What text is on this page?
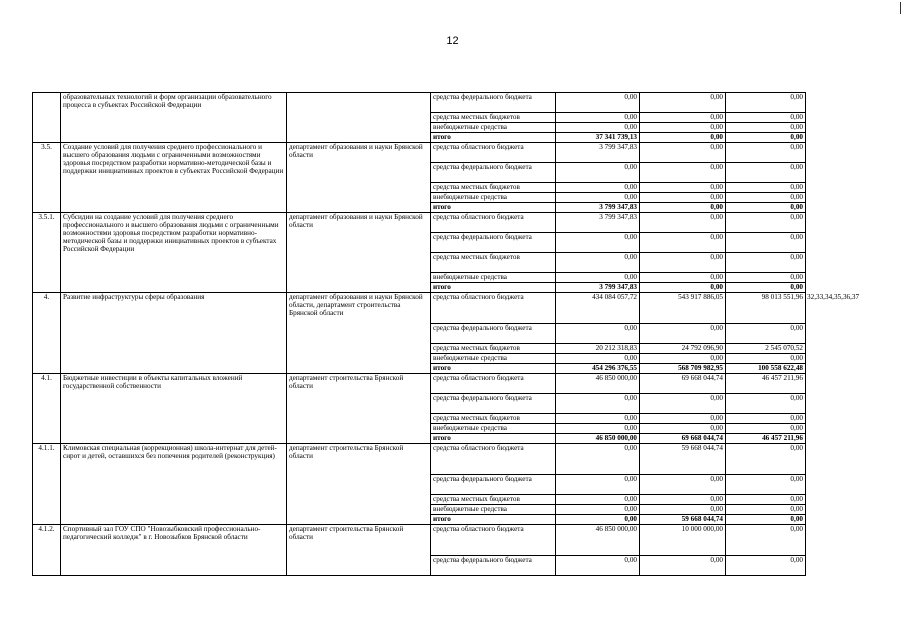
12
	образовательных технологий и форм организации образовательного процесса в субъектах Российской Федерации		средства федерального бюджета	0,00	0,00	0,00	
			средства местных бюджетов	0,00	0,00	0,00	
			внебюджетные средства	0,00	0,00	0,00	
			итого	37 341 739,13	0,00	0,00	
3.5.	Создание условий для получения среднего профессионального и высшего образования людьми с ограниченными возможностями здоровья посредством разработки нормативно-методической базы и поддержки инициативных проектов в субъектах Российской Федерации	департамент образования и науки Брянской области	средства областного бюджета	3 799 347,83	0,00	0,00	
			средства федерального бюджета	0,00	0,00	0,00	
			средства местных бюджетов	0,00	0,00	0,00	
			внебюджетные средства	0,00	0,00	0,00	
			итого	3 799 347,83	0,00	0,00	
3.5.1.	Субсидии на создание условий для получения среднего профессионального и высшего образования людьми с ограниченными возможностями здоровья посредством разработки нормативно-методической базы и поддержки инициативных проектов в субъектах Российской Федерации	департамент образования и науки Брянской области	средства областного бюджета	3 799 347,83	0,00	0,00	
			средства федерального бюджета	0,00	0,00	0,00	
			средства местных бюджетов	0,00	0,00	0,00	
			внебюджетные средства	0,00	0,00	0,00	
			итого	3 799 347,83	0,00	0,00	
4.	Развитие инфраструктуры сферы образования	департамент образования и науки Брянской области, департамент строительства Брянской области	средства областного бюджета	434 084 057,72	543 917 886,05	98 013 551,96	32,33,34,35,36,37
			средства федерального бюджета	0,00	0,00	0,00	
			средства местных бюджетов	20 212 318,83	24 792 096,90	2 545 070,52	
			внебюджетные средства	0,00	0,00	0,00	
			итого	454 296 376,55	568 709 982,95	100 558 622,48	
4.1.	Бюджетные инвестиции в объекты капитальных вложений государственной собственности	департамент строительства Брянской области	средства областного бюджета	46 850 000,00	69 668 044,74	46 457 211,96	
			средства федерального бюджета	0,00	0,00	0,00	
			средства местных бюджетов	0,00	0,00	0,00	
			внебюджетные средства	0,00	0,00	0,00	
			итого	46 850 000,00	69 668 044,74	46 457 211,96	
4.1.1.	Климовская специальная (коррекционная) школа-интернат для детей-сирот и детей, оставшихся без попечения родителей (реконструкция)	департамент строительства Брянской области	средства областного бюджета	0,00	59 668 044,74	0,00	
			средства федерального бюджета	0,00	0,00	0,00	
			средства местных бюджетов	0,00	0,00	0,00	
			внебюджетные средства	0,00	0,00	0,00	
			итого	0,00	59 668 044,74	0,00	
4.1.2.	Спортивный зал ГОУ СПО "Новозыбковский профессионально-педагогический колледж" в г. Новозыбков Брянской области	департамент строительства Брянской области	средства областного бюджета	46 850 000,00	10 000 000,00	0,00	
			средства федерального бюджета	0,00	0,00	0,00	
